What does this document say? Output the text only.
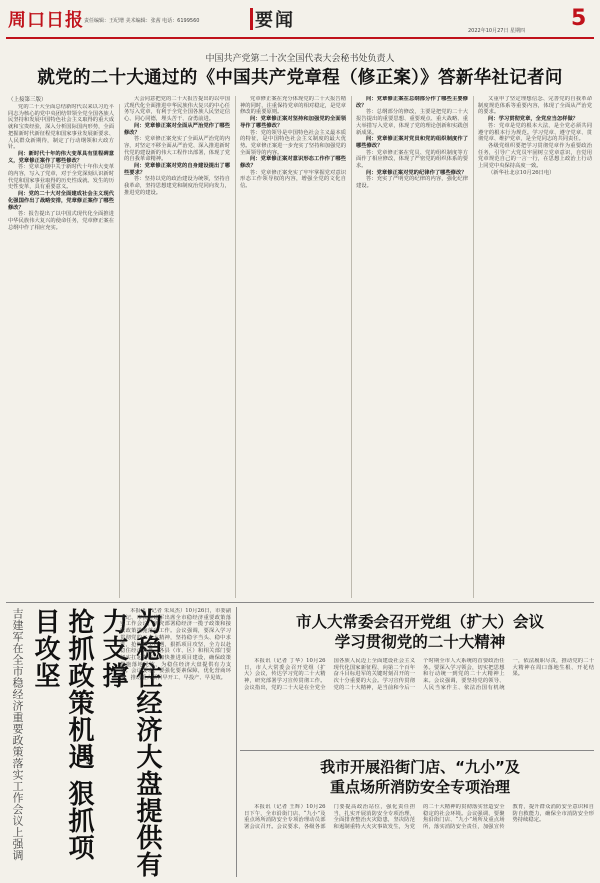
周口日报 责任编辑：王纪增 美术编辑：张茜 电话：6199560	要闻	2022年10月27日 星期四 5
中国共产党第二十次全国代表大会秘书处负责人
就党的二十大通过的《中国共产党章程（修正案）》答新华社记者问
（上接第三版）

党的二十大全面总结新时代以来以习近平同志为核心的党中央团结带领全党全国各族人民坚持和发展中国特色社会主义取得的重大成就和宝贵经验，深入分析国际国内形势，全面把握新时代新征程党和国家事业发展新要求、人民群众新期待，制定了行动纲领和大政方针。

问：新时代十年的伟大变革具有里程碑意义，党章修正案作了哪些修改？

答：党章总纲中关于新时代十年伟大变革的内容，写入了党章，对于全党深刻认识新时代党和国家事业取得的历史性成就、发生的历史性变革，具有重要意义。

问：党的二十大对全面建成社会主义现代化强国作出了战略安排，党章修正案作了哪些修改？

答：报告提出了以中国式现代化全面推进中华民族伟大复兴的使命任务，党章修正案在总纲中作了相应充实。

大会同意把党的二十大报告提出的以中国式现代化全面推进中华民族伟大复兴的中心任务写入党章，有利于全党全国各族人民坚定信心、同心同德，埋头苦干、奋勇前进。

问：党章修正案对全面从严治党作了哪些修改？

答：党章修正案充实了全面从严治党的内容，对坚定不移全面从严治党、深入推进新时代党的建设新的伟大工程作出部署，体现了党的自我革命精神。

问：党章修正案对党的自身建设提出了哪些要求？

答：坚持以党的政治建设为统领，坚持自我革命，坚持思想建党和制度治党同向发力，推进党的建设。

党章修正案在充分体现党的二十大报告精神的同时，注重保持党章的相对稳定，是党章修改的重要原则。

问：党章修正案对坚持和加强党的全面领导作了哪些修改？

答：党的领导是中国特色社会主义最本质的特征，是中国特色社会主义制度的最大优势。党章修正案进一步充实了坚持和加强党的全面领导的内容。

问：党章修正案对意识形态工作作了哪些修改？

答：党章修正案充实了牢牢掌握党对意识形态工作领导权的内容，增强全党的文化自信。

问：党章修正案在总纲部分作了哪些主要修改？

答：总纲部分的修改，主要是把党的二十大报告提出的重要思想、重要观点、重大战略、重大举措写入党章，体现了党的理论创新和实践创新成果。

问：党章修正案对党员和党的组织制度作了哪些修改？

答：党章修正案在党员、党的组织制度等方面作了相应修改，体现了严密党的组织体系的要求。

问：党章修正案对党的纪律作了哪些修改？

答：充实了严明党的纪律的内容，强化纪律建设。

又重申了坚定理想信念、完善党的自我革命制度规范体系等重要内容，体现了全面从严治党的要求。

问：学习贯彻党章，全党应当怎样做？

答：党章是党的根本大法，是全党必须共同遵守的根本行为规范。学习党章、遵守党章、贯彻党章、维护党章，是全党同志的共同责任。

各级党组织要把学习贯彻党章作为重要政治任务，引导广大党员牢固树立党章意识，自觉用党章规范自己的一言一行，在思想上政治上行动上同党中央保持高度一致。

（新华社北京10月26日电）

吉建军在全市稳经济重要政策落实工作会议上强调	为稳住经济大盘提供有力支撑
抢抓政策机遇 狠抓项目攻坚	本报讯（记者 朱凤杰）10月26日，市委副书记、市长吉建军出席全市稳经济重要政策落实工作会议，研究部署稳经济一揽子政策和接续政策措施落实工作。会议强调，要深入学习贯彻党的二十大精神，坚持稳字当头、稳中求进，抢抓政策机遇，狠抓项目攻坚，全力以赴稳住经济大盘。各县（市、区）和相关部门要切实扛起责任，加快推进项目建设，确保政策措施落地见效，为稳住经济大盘提供有力支撑。会议要求，要强化要素保障，优化营商环境，推动重大项目早开工、早投产、早见效。

市人大常委会召开党组（扩大）会议
学习贯彻党的二十大精神

本报讯（记者 丁华）10月26日，市人大常委会召开党组（扩大）会议，传达学习党的二十大精神，研究部署学习宣传贯彻工作。会议指出，党的二十大是在全党全国各族人民迈上全面建设社会主义现代化国家新征程、向第二个百年奋斗目标进军的关键时刻召开的一次十分重要的大会。学习宣传贯彻党的二十大精神，是当前和今后一个时期全市人大系统的首要政治任务。要深入学习领会，切实把思想和行动统一到党的二十大精神上来。会议强调，要坚持党的领导、人民当家作主、依法治国有机统一，依法履职尽责，推动党的二十大精神在周口落地生根、开花结果。

我市开展沿街门店、“九小”及
重点场所消防安全专项治理

本报讯（记者 王辉）10月26日下午，全市沿街门店、“九小”及重点场所消防安全专项治理动员部署会议召开。会议要求，各级各部门要提高政治站位，强化责任担当，扎实开展消防安全专项治理，全面排查整治火灾隐患，坚决防范和遏制重特大火灾事故发生，为党的二十大精神的贯彻落实营造安全稳定的社会环境。会议强调，要聚焦沿街门店、“九小”场所及重点场所，落实消防安全责任，加强宣传教育，提升群众消防安全意识和自防自救能力，确保全市消防安全形势持续稳定。
